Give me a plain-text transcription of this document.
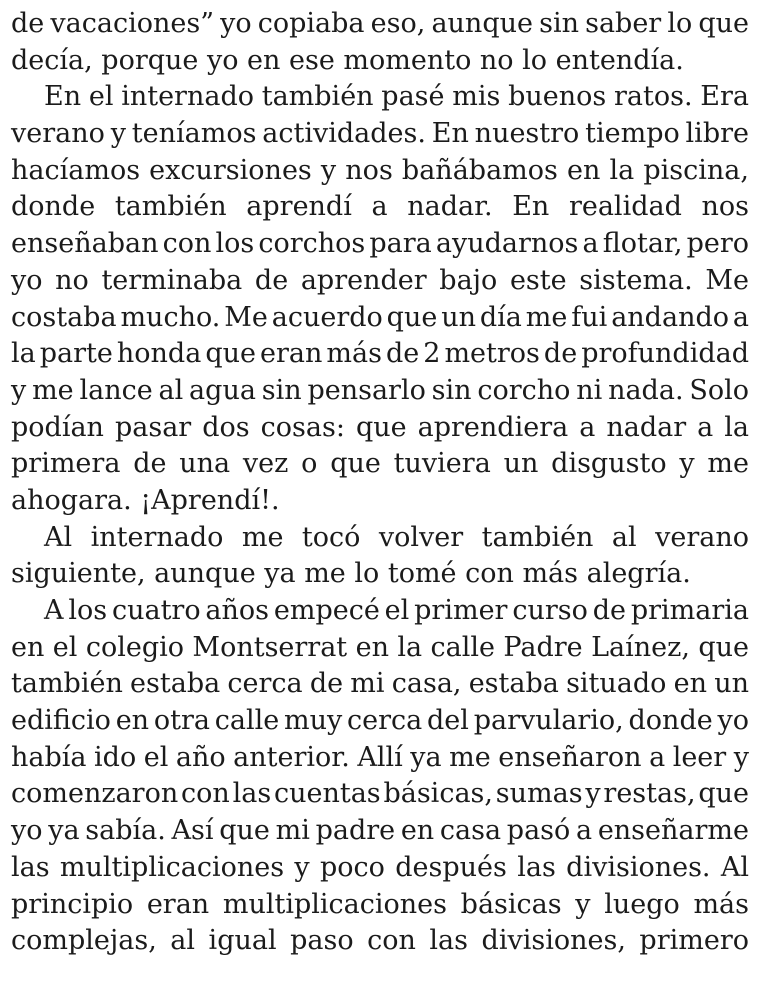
de vacaciones” yo copiaba eso, aunque sin saber lo que
decía, porque yo en ese momento no lo entendía.
En el internado también pasé mis buenos ratos. Era
verano y teníamos actividades. En nuestro tiempo libre
hacíamos excursiones y nos bañábamos en la piscina,
donde también aprendí a nadar. En realidad nos
enseñaban con los corchos para ayudarnos a flotar, pero
yo no terminaba de aprender bajo este sistema. Me
costaba mucho. Me acuerdo que un día me fui andando a
la parte honda que eran más de 2 metros de profundidad
y me lance al agua sin pensarlo sin corcho ni nada. Solo
podían pasar dos cosas: que aprendiera a nadar a la
primera de una vez o que tuviera un disgusto y me
ahogara. ¡Aprendí!.
Al internado me tocó volver también al verano
siguiente, aunque ya me lo tomé con más alegría.
A los cuatro años empecé el primer curso de primaria
en el colegio Montserrat en la calle Padre Laínez, que
también estaba cerca de mi casa, estaba situado en un
edificio en otra calle muy cerca del parvulario, donde yo
había ido el año anterior. Allí ya me enseñaron a leer y
comenzaron con las cuentas básicas, sumas y restas, que
yo ya sabía. Así que mi padre en casa pasó a enseñarme
las multiplicaciones y poco después las divisiones. Al
principio eran multiplicaciones básicas y luego más
complejas, al igual paso con las divisiones, primero
